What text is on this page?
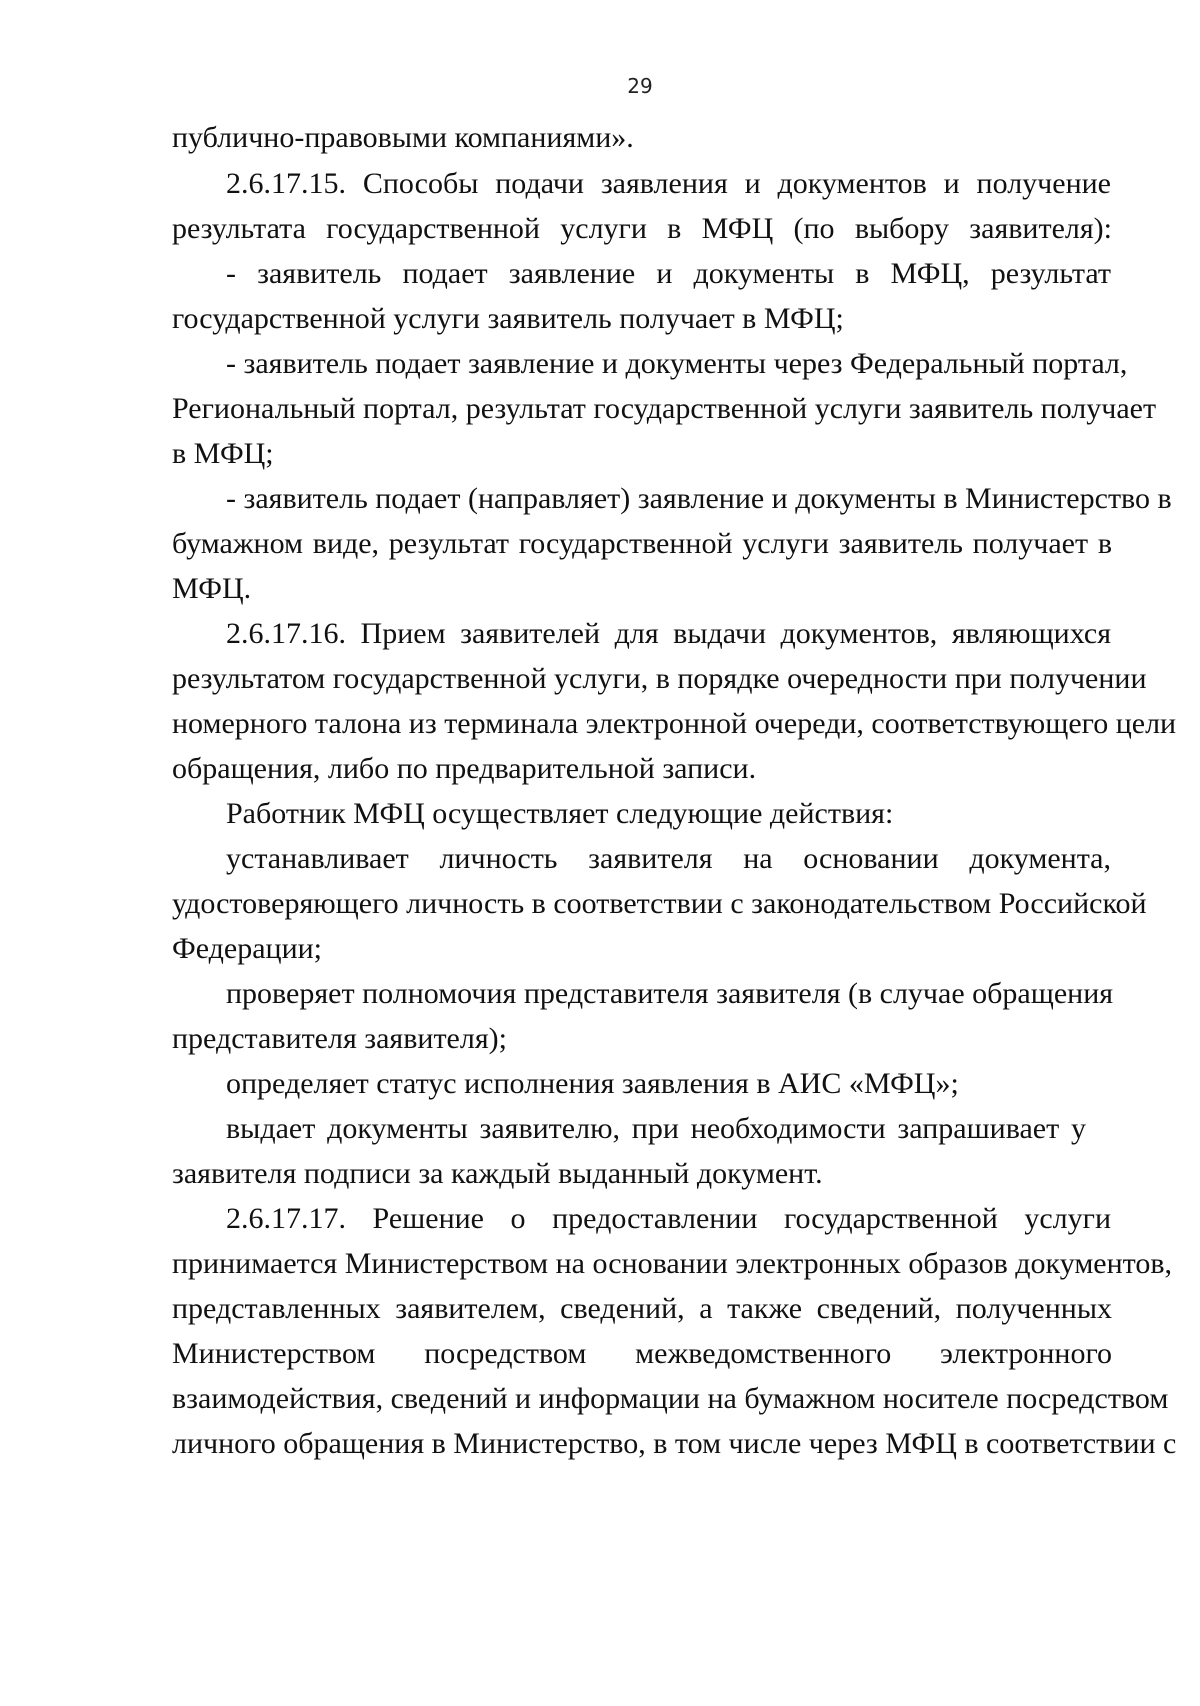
29
публично-правовыми компаниями».
2.6.17.15. Способы подачи заявления и документов и получение
результата государственной услуги в МФЦ (по выбору заявителя):
- заявитель подает заявление и документы в МФЦ, результат
государственной услуги заявитель получает в МФЦ;
- заявитель подает заявление и документы через Федеральный портал,
Региональный портал, результат государственной услуги заявитель получает
в МФЦ;
- заявитель подает (направляет) заявление и документы в Министерство в
бумажном виде, результат государственной услуги заявитель получает в
МФЦ.
2.6.17.16. Прием заявителей для выдачи документов, являющихся
результатом государственной услуги, в порядке очередности при получении
номерного талона из терминала электронной очереди, соответствующего цели
обращения, либо по предварительной записи.
Работник МФЦ осуществляет следующие действия:
устанавливает личность заявителя на основании документа,
удостоверяющего личность в соответствии с законодательством Российской
Федерации;
проверяет полномочия представителя заявителя (в случае обращения
представителя заявителя);
определяет статус исполнения заявления в АИС «МФЦ»;
выдает документы заявителю, при необходимости запрашивает у
заявителя подписи за каждый выданный документ.
2.6.17.17. Решение о предоставлении государственной услуги
принимается Министерством на основании электронных образов документов,
представленных заявителем, сведений, а также сведений, полученных
Министерством посредством межведомственного электронного
взаимодействия, сведений и информации на бумажном носителе посредством
личного обращения в Министерство, в том числе через МФЦ в соответствии с
